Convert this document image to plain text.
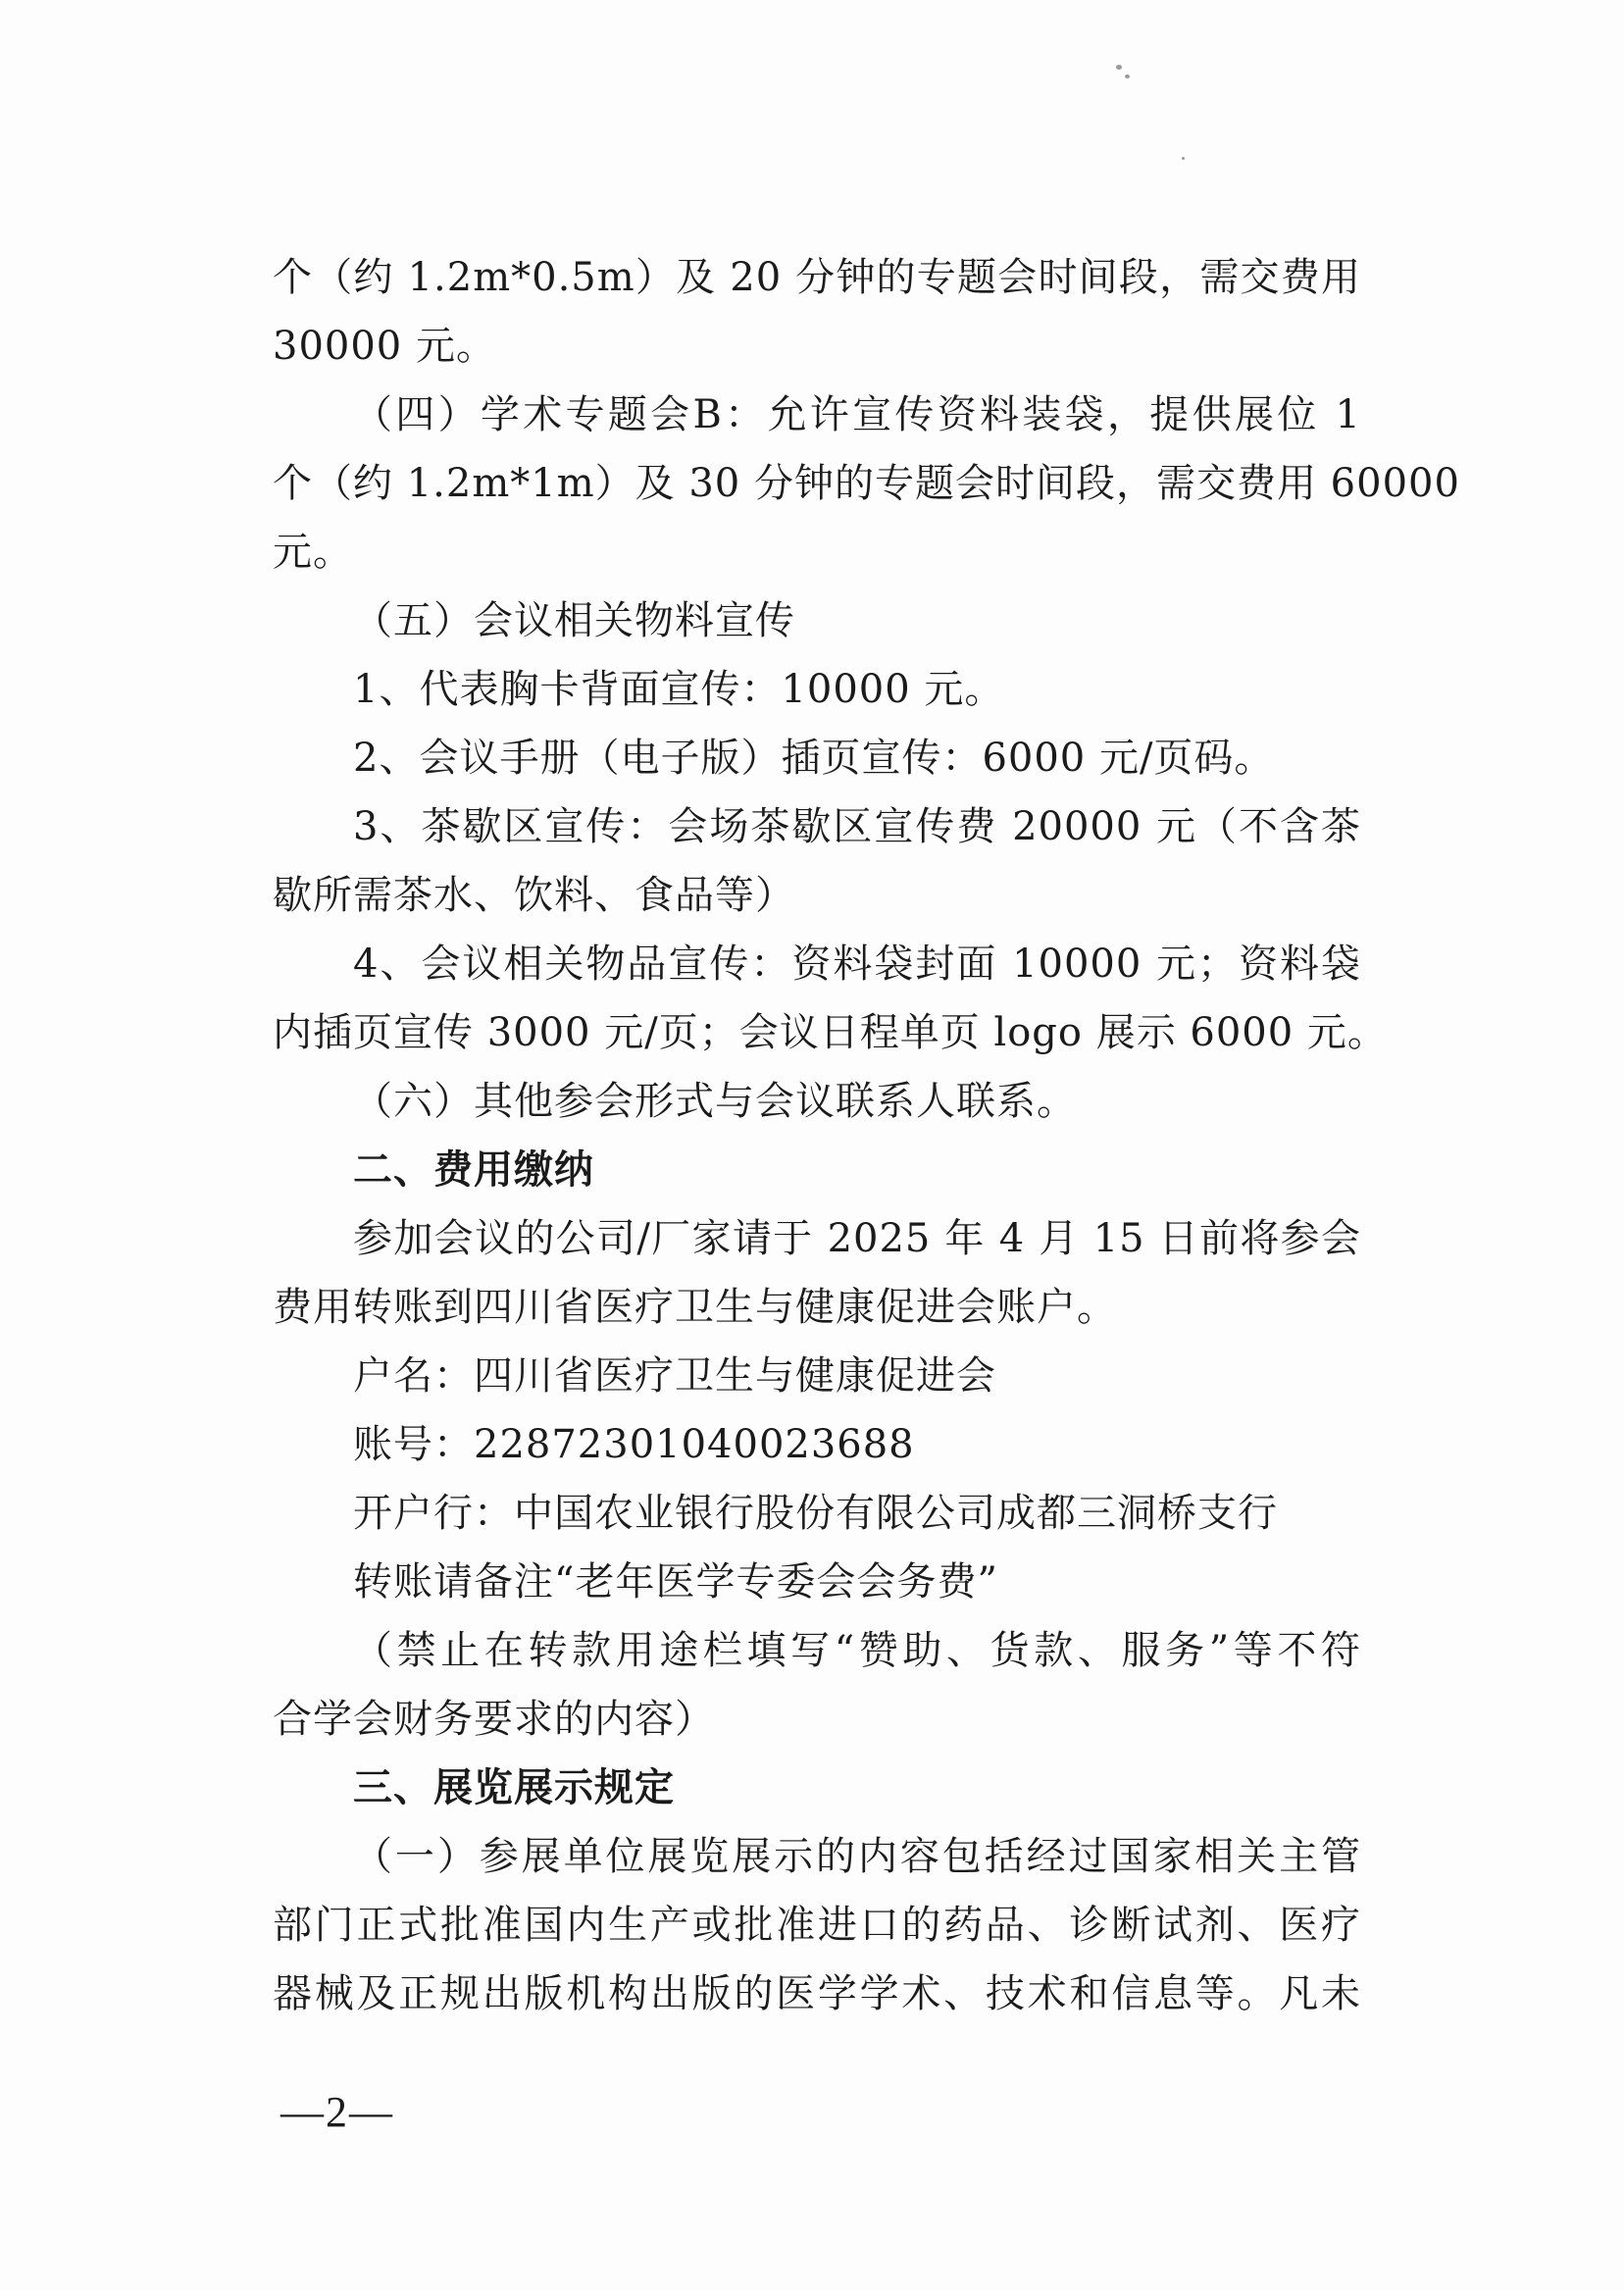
个（约 1.2m*0.5m）及 20 分钟的专题会时间段，需交费用
30000 元。
（四）学术专题会B：允许宣传资料装袋，提供展位 1
个（约 1.2m*1m）及 30 分钟的专题会时间段，需交费用 60000
元。
（五）会议相关物料宣传
1、代表胸卡背面宣传：10000 元。
2、会议手册（电子版）插页宣传：6000 元/页码。
3、茶歇区宣传：会场茶歇区宣传费 20000 元（不含茶
歇所需茶水、饮料、食品等）
4、会议相关物品宣传：资料袋封面 10000 元；资料袋
内插页宣传 3000 元/页；会议日程单页 logo 展示 6000 元。
（六）其他参会形式与会议联系人联系。
二、费用缴纳
参加会议的公司/厂家请于 2025 年 4 月 15 日前将参会
费用转账到四川省医疗卫生与健康促进会账户。
户名：四川省医疗卫生与健康促进会
账号：22872301040023688
开户行：中国农业银行股份有限公司成都三洞桥支行
转账请备注“老年医学专委会会务费”
（禁止在转款用途栏填写“赞助、货款、服务”等不符
合学会财务要求的内容）
三、展览展示规定
（一）参展单位展览展示的内容包括经过国家相关主管
部门正式批准国内生产或批准进口的药品、诊断试剂、医疗
器械及正规出版机构出版的医学学术、技术和信息等。凡未
—2—
